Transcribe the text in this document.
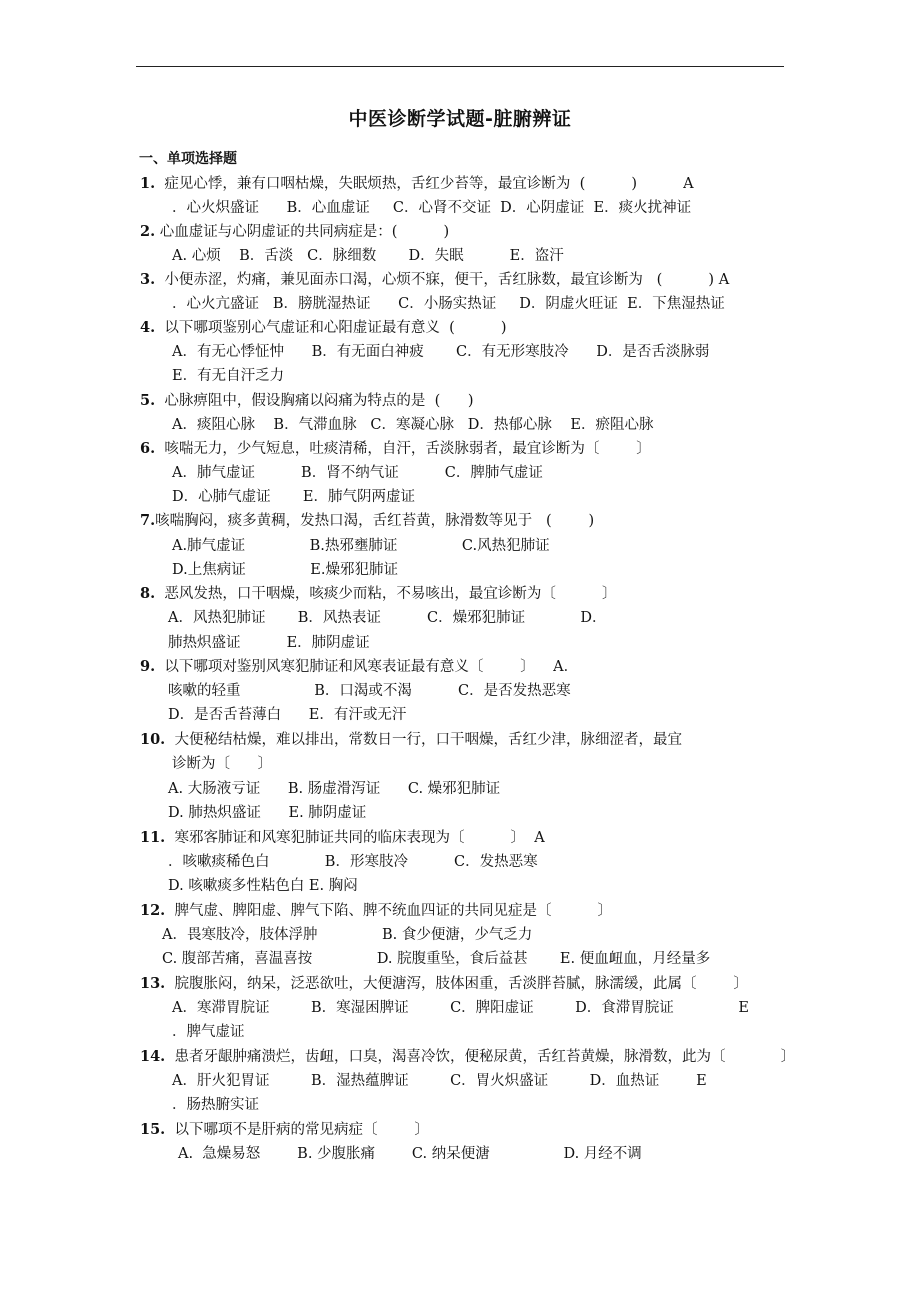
中医诊断学试题-脏腑辨证
一、单项选择题
1.  症见心悸，兼有口咽枯燥，失眠烦热，舌红少苔等，最宜诊断为  (          )          A
．心火炽盛证      B．心血虚证     C．心肾不交证  D．心阴虚证  E．痰火扰神证
2. 心血虚证与心阴虚证的共同病症是：(          )
A. 心烦    B．舌淡   C．脉细数       D．失眠          E．盗汗
3.  小便赤涩，灼痛，兼见面赤口渴，心烦不寐，便干，舌红脉数，最宜诊断为   (          ) A
．心火亢盛证   B．膀胱湿热证      C．小肠实热证     D．阴虚火旺证  E．下焦湿热证
4.  以下哪项鉴别心气虚证和心阳虚证最有意义  (          )
A．有无心悸怔忡      B．有无面白神疲       C．有无形寒肢冷      D．是否舌淡脉弱
E．有无自汗乏力
5.  心脉痹阻中，假设胸痛以闷痛为特点的是  (      )
A．痰阻心脉    B．气滞血脉   C．寒凝心脉   D．热郁心脉    E．瘀阻心脉
6.  咳喘无力，少气短息，吐痰清稀，自汗，舌淡脉弱者，最宜诊断为〔        〕
A．肺气虚证          B．肾不纳气证          C．脾肺气虚证
D．心肺气虚证       E．肺气阴两虚证
7.咳喘胸闷，痰多黄稠，发热口渴，舌红苔黄，脉滑数等见于   (        )
A.肺气虚证              B.热邪壅肺证              C.风热犯肺证
D.上焦病证              E.燥邪犯肺证
8.  恶风发热，口干咽燥，咳痰少而粘，不易咳出，最宜诊断为〔          〕
A．风热犯肺证       B．风热表证          C．燥邪犯肺证            D．
肺热炽盛证          E．肺阴虚证
9.  以下哪项对鉴别风寒犯肺证和风寒表证最有意义〔        〕    A．
咳嗽的轻重                B．口渴或不渴          C．是否发热恶寒
D．是否舌苔薄白      E．有汗或无汗
10.  大便秘结枯燥，难以排出，常数日一行，口干咽燥，舌红少津，脉细涩者，最宜
诊断为〔      〕
A. 大肠液亏证      B. 肠虚滑泻证      C. 燥邪犯肺证
D. 肺热炽盛证      E. 肺阴虚证
11.  寒邪客肺证和风寒犯肺证共同的临床表现为〔          〕  A
．咳嗽痰稀色白            B．形寒肢冷          C．发热恶寒
D. 咳嗽痰多性粘色白 E. 胸闷
12.  脾气虚、脾阳虚、脾气下陷、脾不统血四证的共同见症是〔          〕
A．畏寒肢冷，肢体浮肿              B. 食少便溏，少气乏力
C. 腹部苦痛，喜温喜按              D. 脘腹重坠，食后益甚       E. 便血衄血，月经量多
13.  脘腹胀闷，纳呆，泛恶欲吐，大便溏泻，肢体困重，舌淡胖苔腻，脉濡缓，此属〔        〕
A．寒滞胃脘证         B．寒湿困脾证         C．脾阳虚证         D．食滞胃脘证              E
．脾气虚证
14.  患者牙龈肿痛溃烂，齿衄，口臭，渴喜冷饮，便秘尿黄，舌红苔黄燥，脉滑数，此为〔            〕
A．肝火犯胃证         B．湿热蕴脾证         C．胃火炽盛证         D．血热证        E
．肠热腑实证
15.  以下哪项不是肝病的常见病症〔        〕
A.  急燥易怒        B. 少腹胀痛        C. 纳呆便溏                D. 月经不调
